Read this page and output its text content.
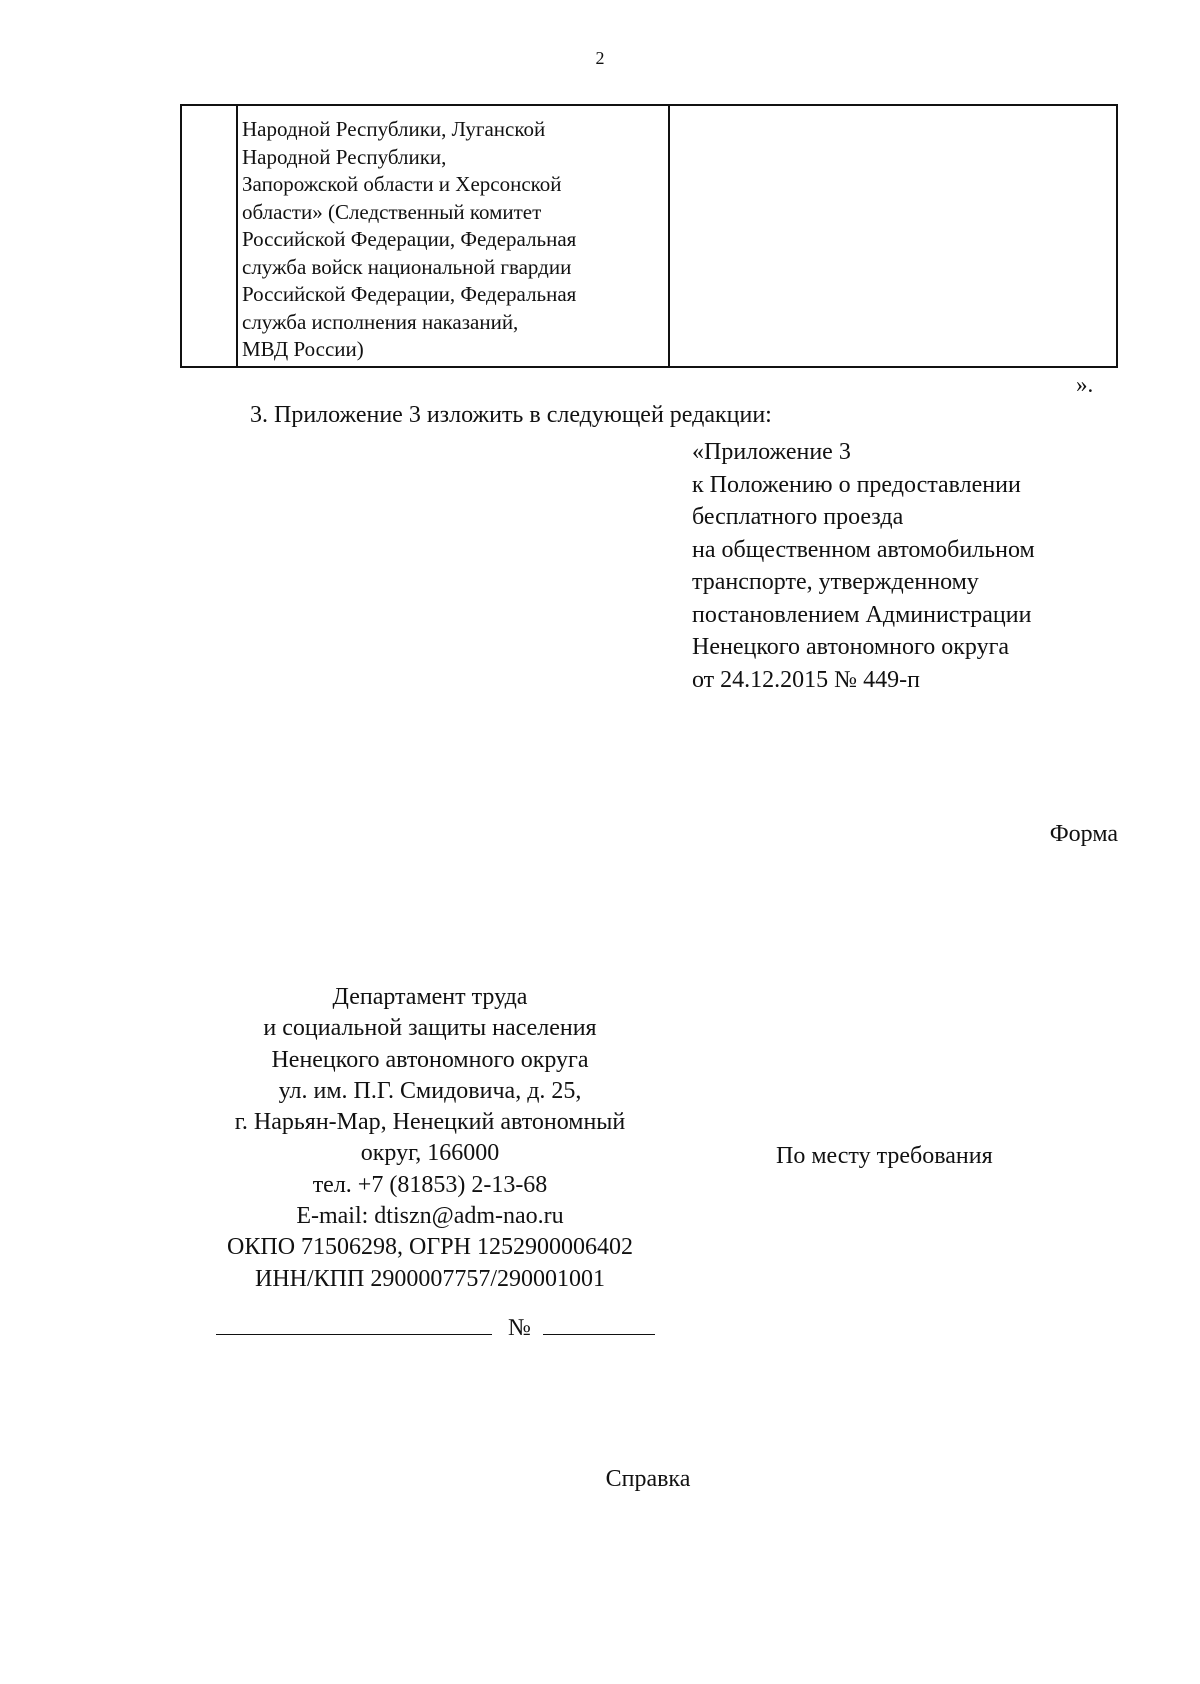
2
Народной Республики, Луганской
Народной Республики,
Запорожской области и Херсонской
области» (Следственный комитет
Российской Федерации, Федеральная
служба войск национальной гвардии
Российской Федерации, Федеральная
служба исполнения наказаний,
МВД России)
».
3. Приложение 3 изложить в следующей редакции:
«Приложение 3
к Положению о предоставлении
бесплатного проезда
на общественном автомобильном
транспорте, утвержденному
постановлением Администрации
Ненецкого автономного округа
от 24.12.2015 № 449-п
Форма
Департамент труда
и социальной защиты населения
Ненецкого автономного округа
ул. им. П.Г. Смидовича, д. 25,
г. Нарьян-Мар, Ненецкий автономный
округ, 166000
тел. +7 (81853) 2-13-68
E-mail: dtiszn@adm-nao.ru
ОКПО 71506298, ОГРН 1252900006402
ИНН/КПП 2900007757/290001001
По месту требования
№
Справка
